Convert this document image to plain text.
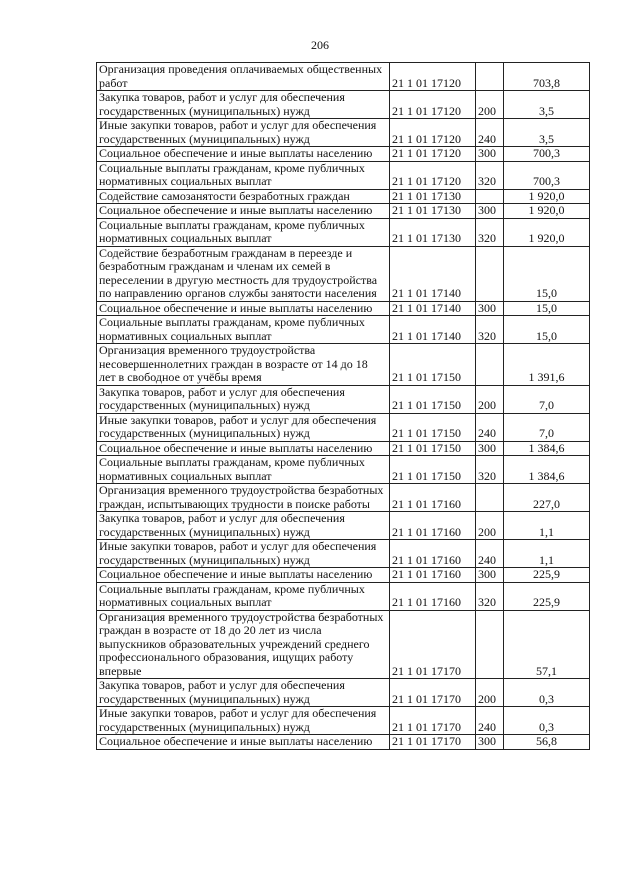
206
Организация проведения оплачиваемых общественных работ	21 1 01 17120		703,8
Закупка товаров, работ и услуг для обеспечения государственных (муниципальных) нужд	21 1 01 17120	200	3,5
Иные закупки товаров, работ и услуг для обеспечения государственных (муниципальных) нужд	21 1 01 17120	240	3,5
Социальное обеспечение и иные выплаты населению	21 1 01 17120	300	700,3
Социальные выплаты гражданам, кроме публичных нормативных социальных выплат	21 1 01 17120	320	700,3
Содействие самозанятости безработных граждан	21 1 01 17130		1 920,0
Социальное обеспечение и иные выплаты населению	21 1 01 17130	300	1 920,0
Социальные выплаты гражданам, кроме публичных нормативных социальных выплат	21 1 01 17130	320	1 920,0
Содействие безработным гражданам в переезде и безработным гражданам и членам их семей в переселении в другую местность для трудоустройства по направлению органов службы занятости населения	21 1 01 17140		15,0
Социальное обеспечение и иные выплаты населению	21 1 01 17140	300	15,0
Социальные выплаты гражданам, кроме публичных нормативных социальных выплат	21 1 01 17140	320	15,0
Организация временного трудоустройства несовершеннолетних граждан в возрасте от 14 до 18 лет в свободное от учёбы время	21 1 01 17150		1 391,6
Закупка товаров, работ и услуг для обеспечения государственных (муниципальных) нужд	21 1 01 17150	200	7,0
Иные закупки товаров, работ и услуг для обеспечения государственных (муниципальных) нужд	21 1 01 17150	240	7,0
Социальное обеспечение и иные выплаты населению	21 1 01 17150	300	1 384,6
Социальные выплаты гражданам, кроме публичных нормативных социальных выплат	21 1 01 17150	320	1 384,6
Организация временного трудоустройства безработных граждан, испытывающих трудности в поиске работы	21 1 01 17160		227,0
Закупка товаров, работ и услуг для обеспечения государственных (муниципальных) нужд	21 1 01 17160	200	1,1
Иные закупки товаров, работ и услуг для обеспечения государственных (муниципальных) нужд	21 1 01 17160	240	1,1
Социальное обеспечение и иные выплаты населению	21 1 01 17160	300	225,9
Социальные выплаты гражданам, кроме публичных нормативных социальных выплат	21 1 01 17160	320	225,9
Организация временного трудоустройства безработных граждан в возрасте от 18 до 20 лет из числа выпускников образовательных учреждений среднего профессионального образования, ищущих работу впервые	21 1 01 17170		57,1
Закупка товаров, работ и услуг для обеспечения государственных (муниципальных) нужд	21 1 01 17170	200	0,3
Иные закупки товаров, работ и услуг для обеспечения государственных (муниципальных) нужд	21 1 01 17170	240	0,3
Социальное обеспечение и иные выплаты населению	21 1 01 17170	300	56,8
